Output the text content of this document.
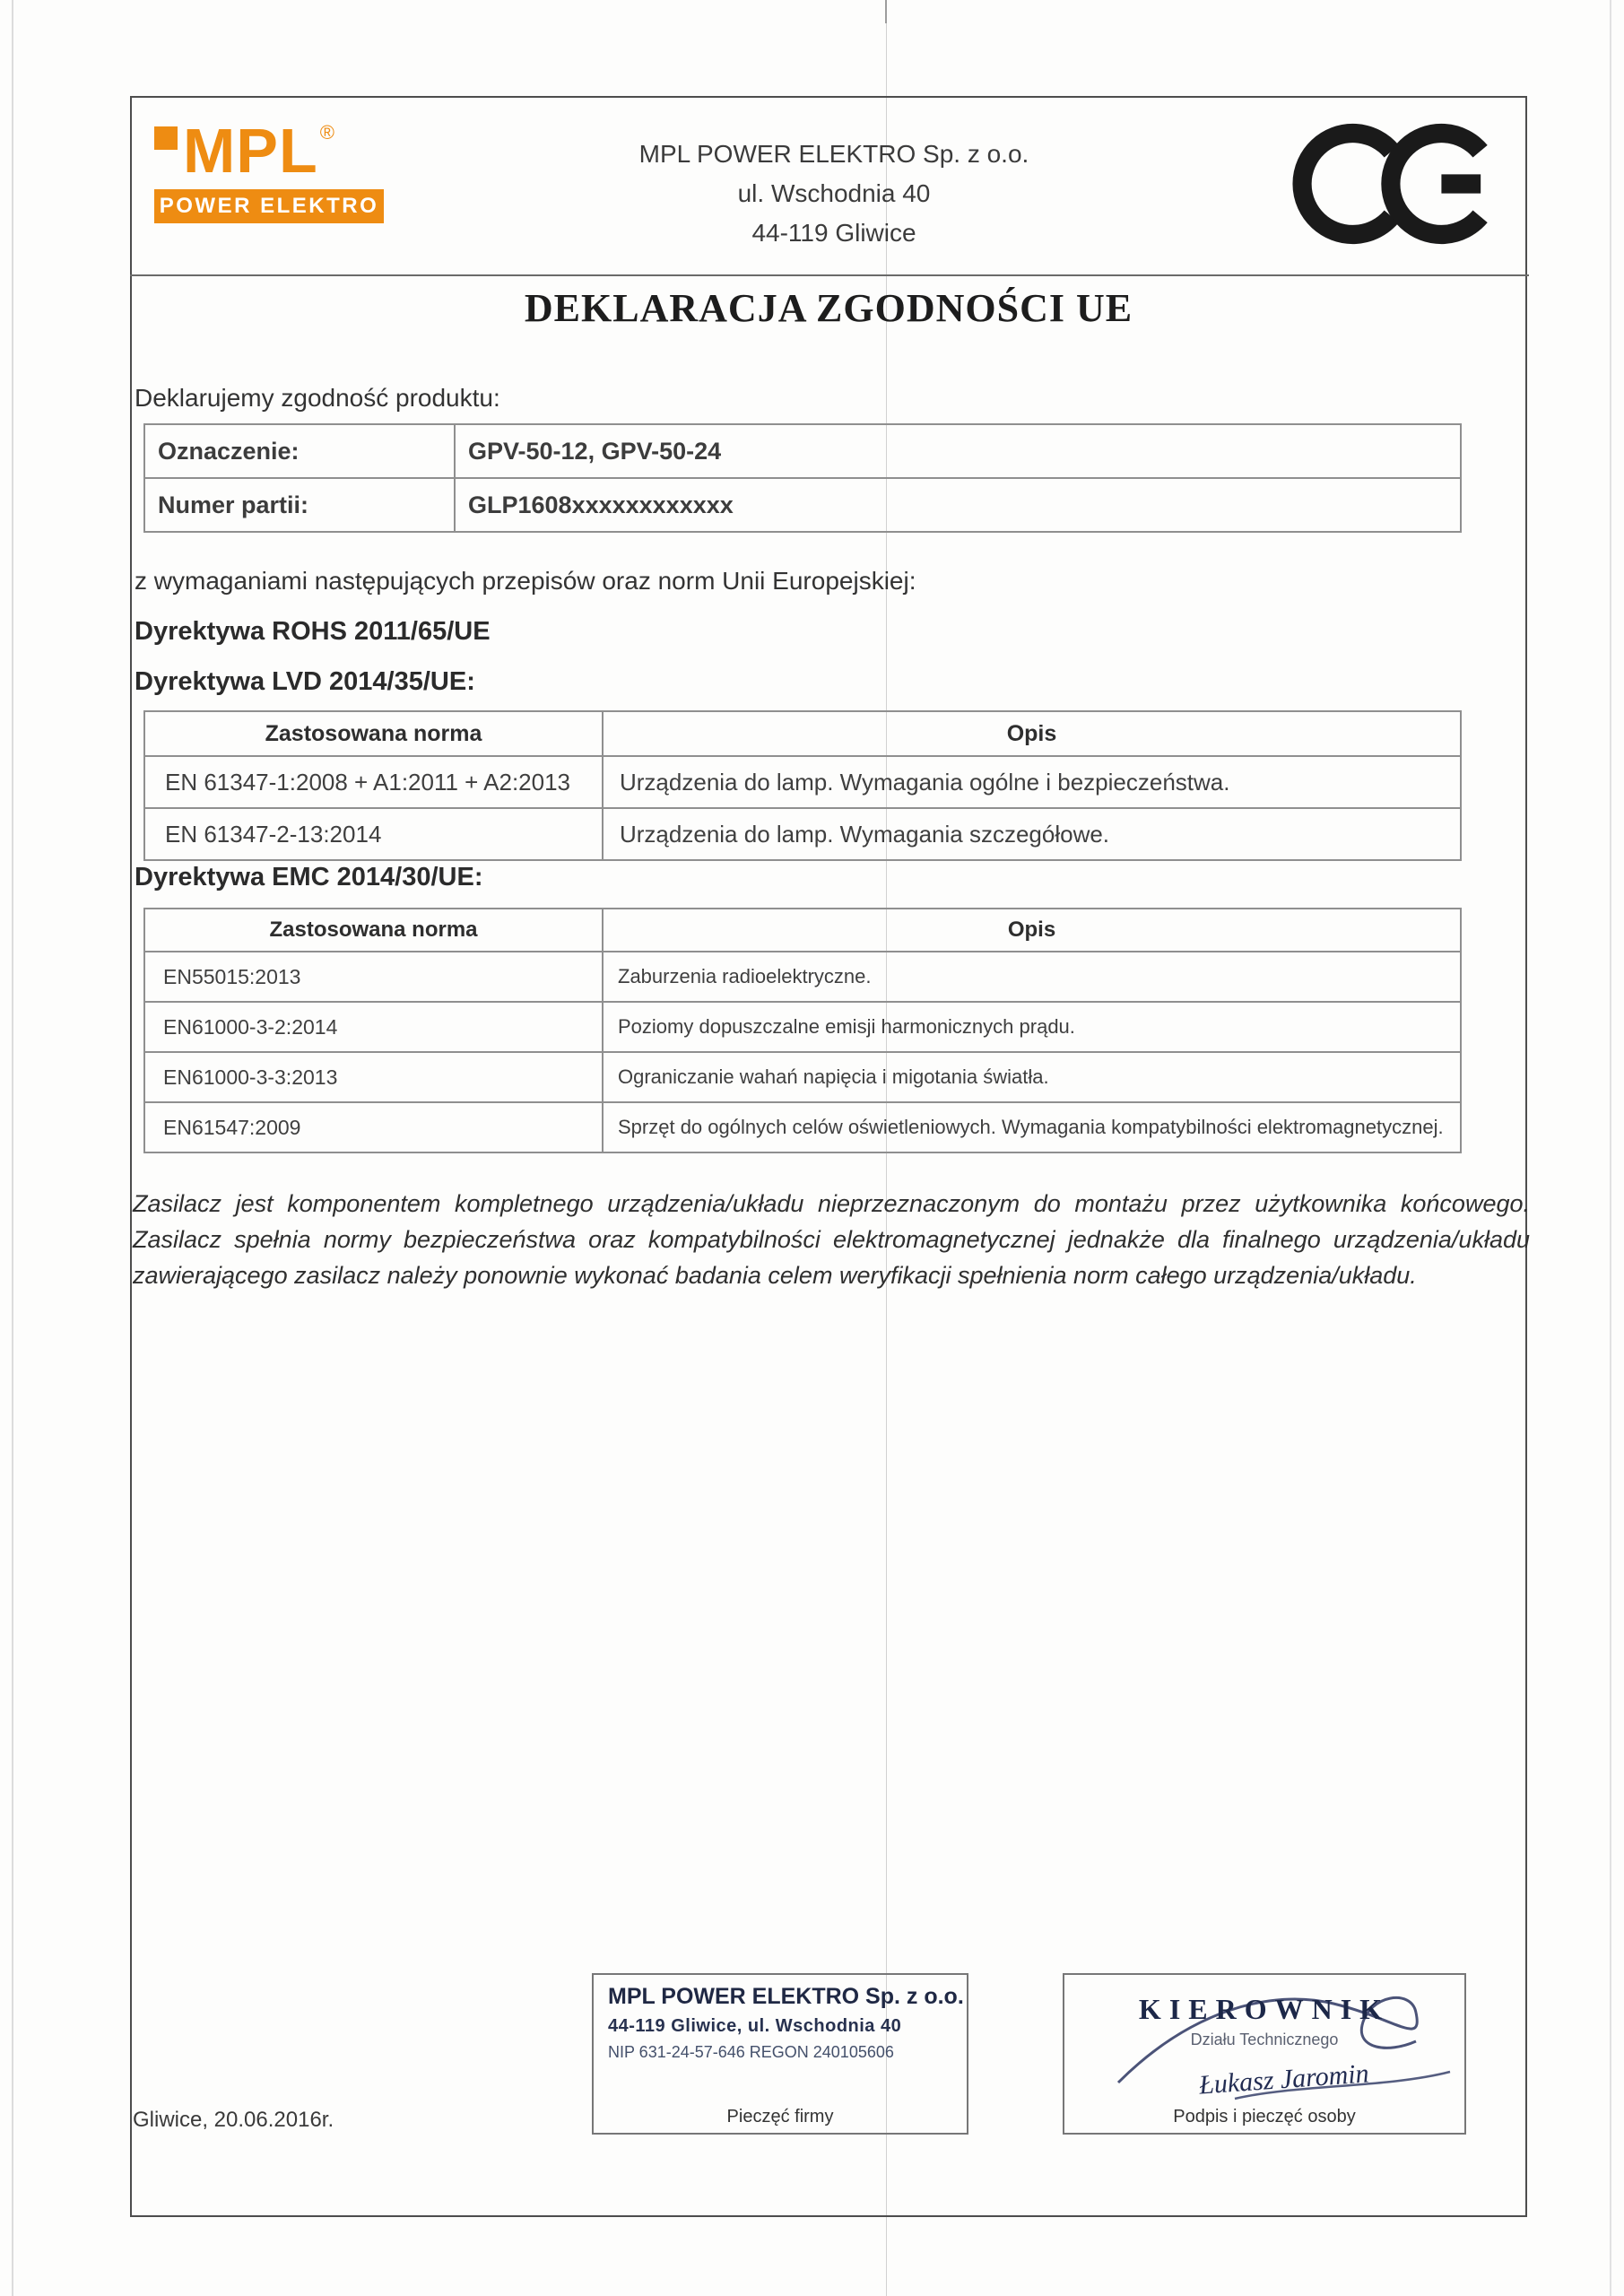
MPL ®
POWER ELEKTRO
MPL POWER ELEKTRO Sp. z o.o.
ul. Wschodnia 40
44-119 Gliwice
DEKLARACJA ZGODNOŚCI UE
Deklarujemy zgodność produktu:
Oznaczenie:	GPV-50-12, GPV-50-24
Numer partii:	GLP1608xxxxxxxxxxxx
z wymaganiami następujących przepisów oraz norm Unii Europejskiej:
Dyrektywa ROHS 2011/65/UE
Dyrektywa LVD 2014/35/UE:
Zastosowana norma	Opis
EN 61347-1:2008 + A1:2011 + A2:2013	Urządzenia do lamp. Wymagania ogólne i bezpieczeństwa.
EN 61347-2-13:2014	Urządzenia do lamp. Wymagania szczegółowe.
Dyrektywa EMC 2014/30/UE:
Zastosowana norma	Opis
EN55015:2013	Zaburzenia radioelektryczne.
EN61000-3-2:2014	Poziomy dopuszczalne emisji harmonicznych prądu.
EN61000-3-3:2013	Ograniczanie wahań napięcia i migotania światła.
EN61547:2009	Sprzęt do ogólnych celów oświetleniowych. Wymagania kompatybilności elektromagnetycznej.
Zasilacz jest komponentem kompletnego urządzenia/układu nieprzeznaczonym do montażu przez użytkownika końcowego. Zasilacz spełnia normy bezpieczeństwa oraz kompatybilności elektromagnetycznej jednakże dla finalnego urządzenia/układu zawierającego zasilacz należy ponownie wykonać badania celem weryfikacji spełnienia norm całego urządzenia/układu.
Gliwice, 20.06.2016r.
MPL POWER ELEKTRO Sp. z o.o.
44-119 Gliwice, ul. Wschodnia 40
NIP 631-24-57-646 REGON 240105606
Pieczęć firmy
KIEROWNIK
Działu Technicznego
Łukasz Jaromin
Podpis i pieczęć osoby
